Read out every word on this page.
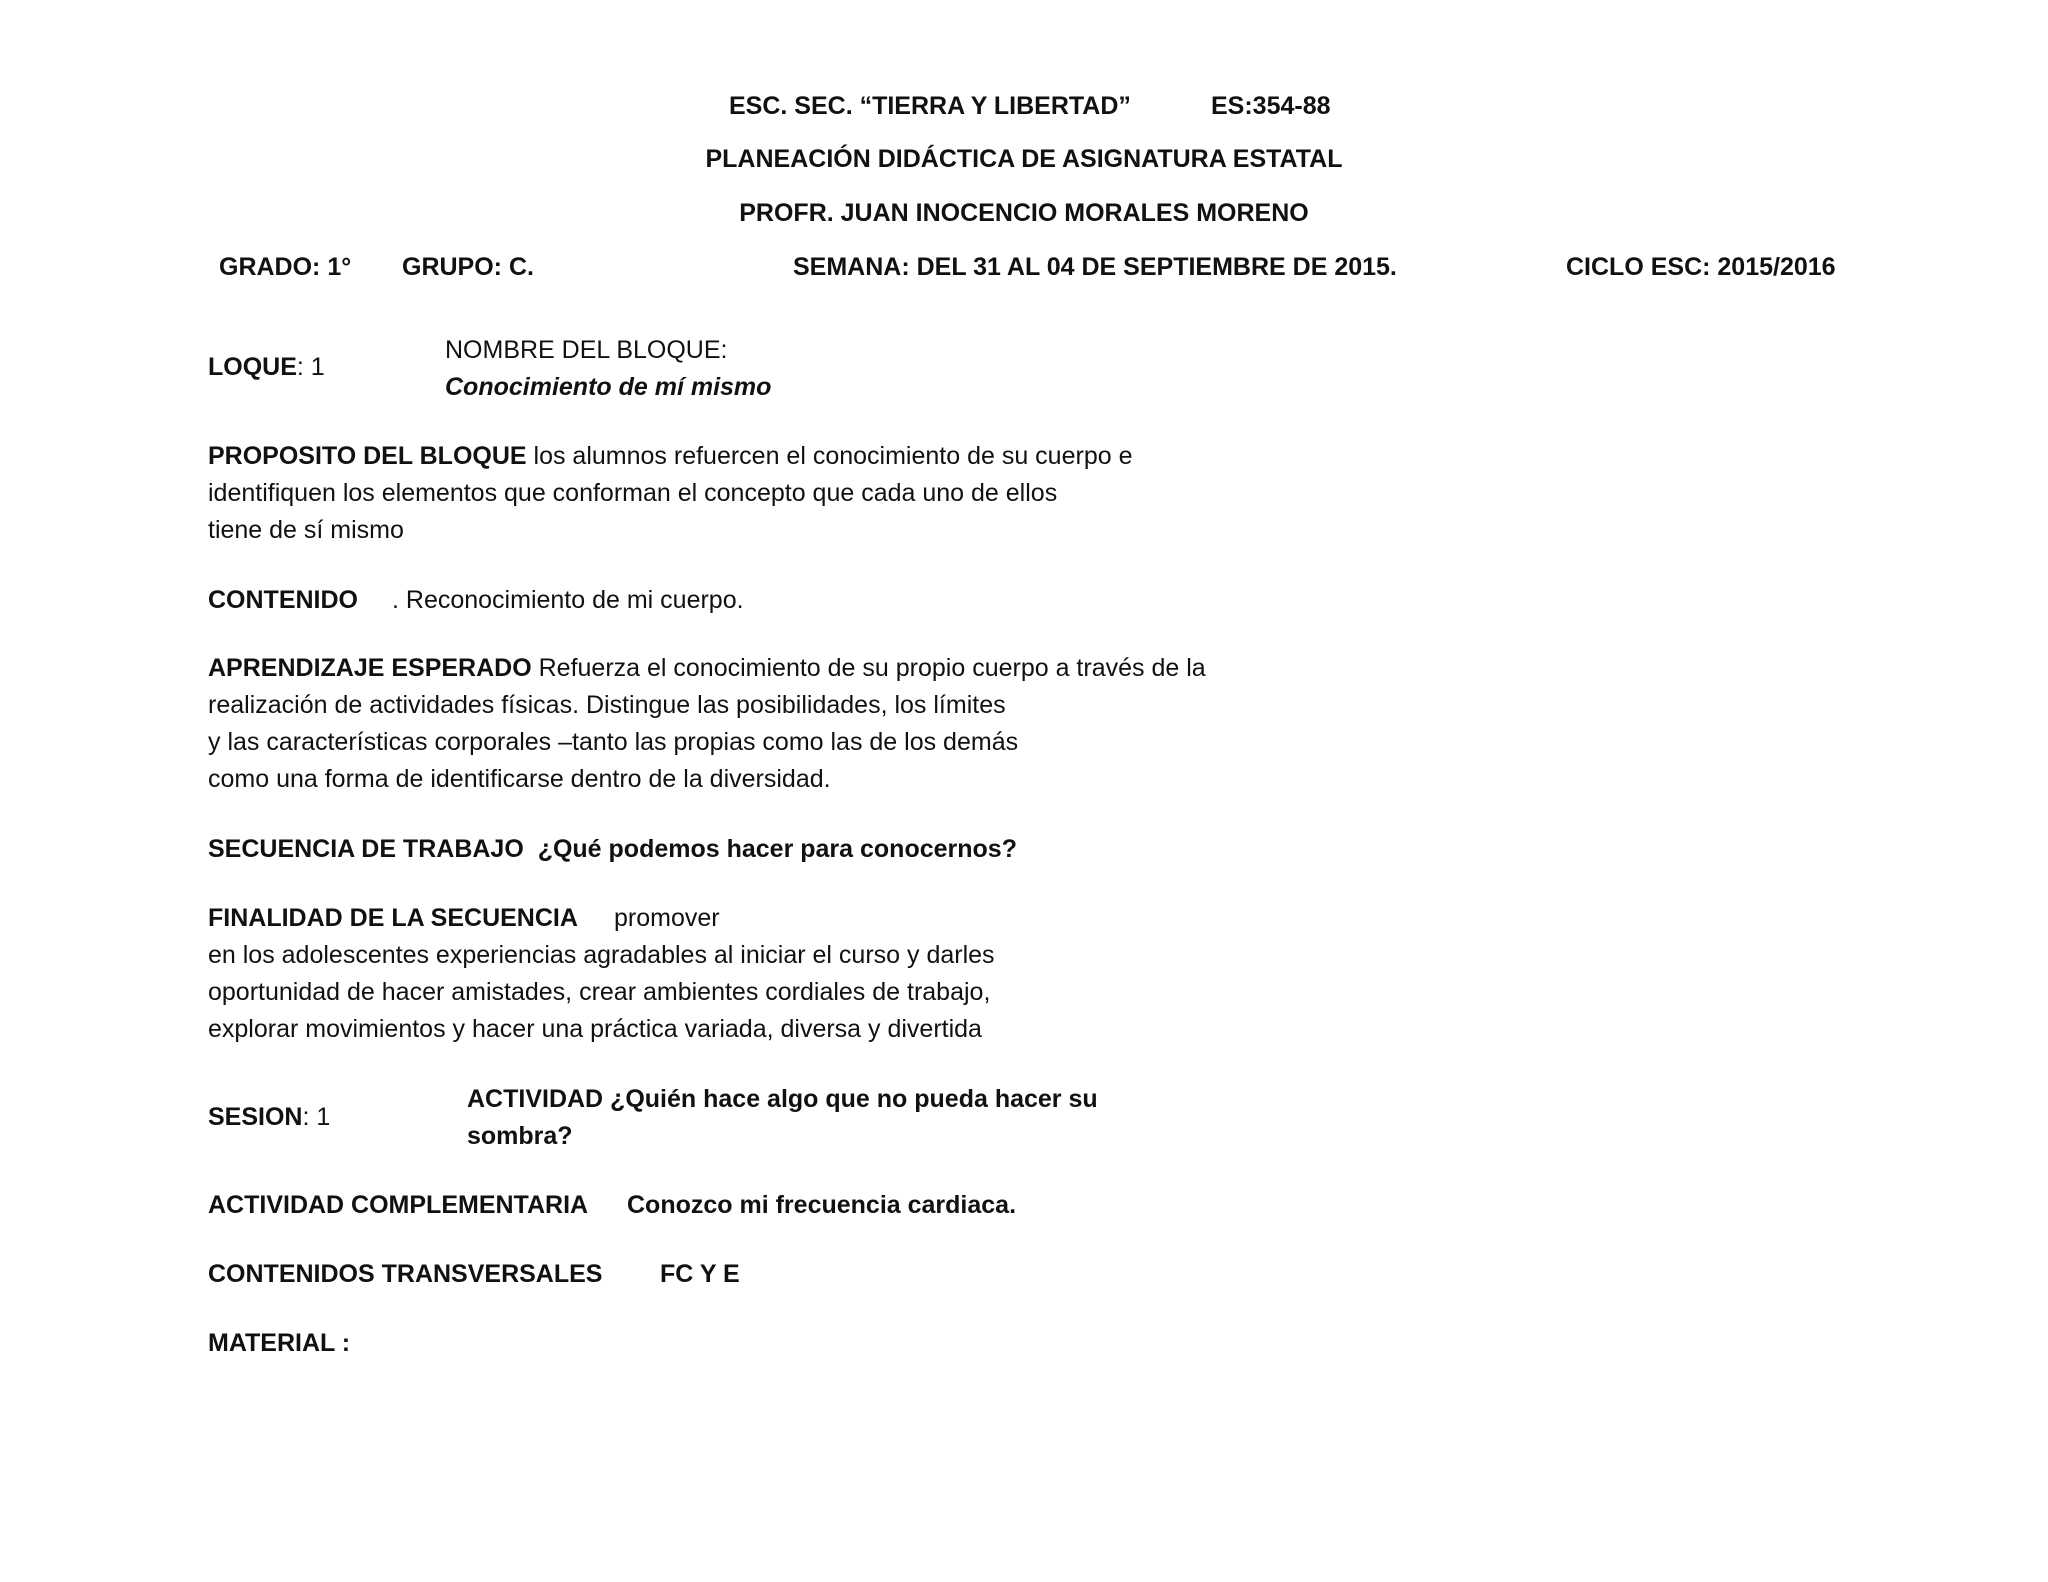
ESC. SEC. “TIERRA Y LIBERTAD”	ES:354-88
PLANEACIÓN DIDÁCTICA DE ASIGNATURA ESTATAL
PROFR. JUAN INOCENCIO MORALES MORENO
GRADO: 1° GRUPO: C.	SEMANA: DEL 31 AL 04 DE SEPTIEMBRE DE 2015.	CICLO ESC: 2015/2016
LOQUE: 1
NOMBRE DEL BLOQUE:
Conocimiento de mí mismo
PROPOSITO DEL BLOQUE los alumnos refuercen el conocimiento de su cuerpo e
identifiquen los elementos que conforman el concepto que cada uno de ellos
tiene de sí mismo
CONTENIDO . Reconocimiento de mi cuerpo.
APRENDIZAJE ESPERADO Refuerza el conocimiento de su propio cuerpo a través de la
realización de actividades físicas. Distingue las posibilidades, los límites
y las características corporales –tanto las propias como las de los demás
como una forma de identificarse dentro de la diversidad.
SECUENCIA DE TRABAJO ¿Qué podemos hacer para conocernos?
FINALIDAD DE LA SECUENCIA promover
en los adolescentes experiencias agradables al iniciar el curso y darles
oportunidad de hacer amistades, crear ambientes cordiales de trabajo,
explorar movimientos y hacer una práctica variada, diversa y divertida
SESION: 1
ACTIVIDAD ¿Quién hace algo que no pueda hacer su
sombra?
ACTIVIDAD COMPLEMENTARIA Conozco mi frecuencia cardiaca.
CONTENIDOS TRANSVERSALES FC Y E
MATERIAL :
